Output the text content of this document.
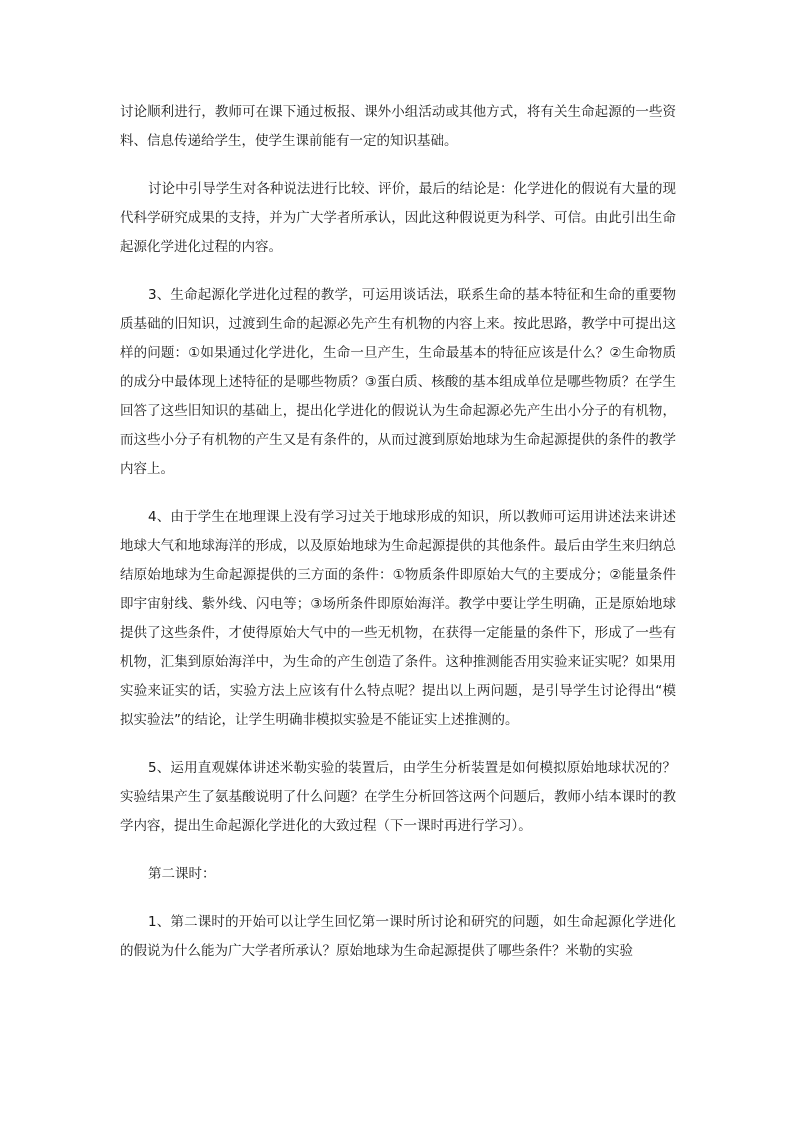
讨论顺利进行，教师可在课下通过板报、课外小组活动或其他方式，将有关生命起源的一些资料、信息传递给学生，使学生课前能有一定的知识基础。

讨论中引导学生对各种说法进行比较、评价，最后的结论是：化学进化的假说有大量的现代科学研究成果的支持，并为广大学者所承认，因此这种假说更为科学、可信。由此引出生命起源化学进化过程的内容。

3、生命起源化学进化过程的教学，可运用谈话法，联系生命的基本特征和生命的重要物质基础的旧知识，过渡到生命的起源必先产生有机物的内容上来。按此思路，教学中可提出这样的问题：①如果通过化学进化，生命一旦产生，生命最基本的特征应该是什么？②生命物质的成分中最体现上述特征的是哪些物质？③蛋白质、核酸的基本组成单位是哪些物质？在学生回答了这些旧知识的基础上，提出化学进化的假说认为生命起源必先产生出小分子的有机物，而这些小分子有机物的产生又是有条件的，从而过渡到原始地球为生命起源提供的条件的教学内容上。

4、由于学生在地理课上没有学习过关于地球形成的知识，所以教师可运用讲述法来讲述地球大气和地球海洋的形成，以及原始地球为生命起源提供的其他条件。最后由学生来归纳总结原始地球为生命起源提供的三方面的条件：①物质条件即原始大气的主要成分；②能量条件即宇宙射线、紫外线、闪电等；③场所条件即原始海洋。教学中要让学生明确，正是原始地球提供了这些条件，才使得原始大气中的一些无机物，在获得一定能量的条件下，形成了一些有机物，汇集到原始海洋中，为生命的产生创造了条件。这种推测能否用实验来证实呢？如果用实验来证实的话，实验方法上应该有什么特点呢？提出以上两问题，是引导学生讨论得出“模拟实验法”的结论，让学生明确非模拟实验是不能证实上述推测的。

5、运用直观媒体讲述米勒实验的装置后，由学生分析装置是如何模拟原始地球状况的？实验结果产生了氨基酸说明了什么问题？在学生分析回答这两个问题后，教师小结本课时的教学内容，提出生命起源化学进化的大致过程（下一课时再进行学习）。

第二课时：

1、第二课时的开始可以让学生回忆第一课时所讨论和研究的问题，如生命起源化学进化的假说为什么能为广大学者所承认？原始地球为生命起源提供了哪些条件？米勒的实验
